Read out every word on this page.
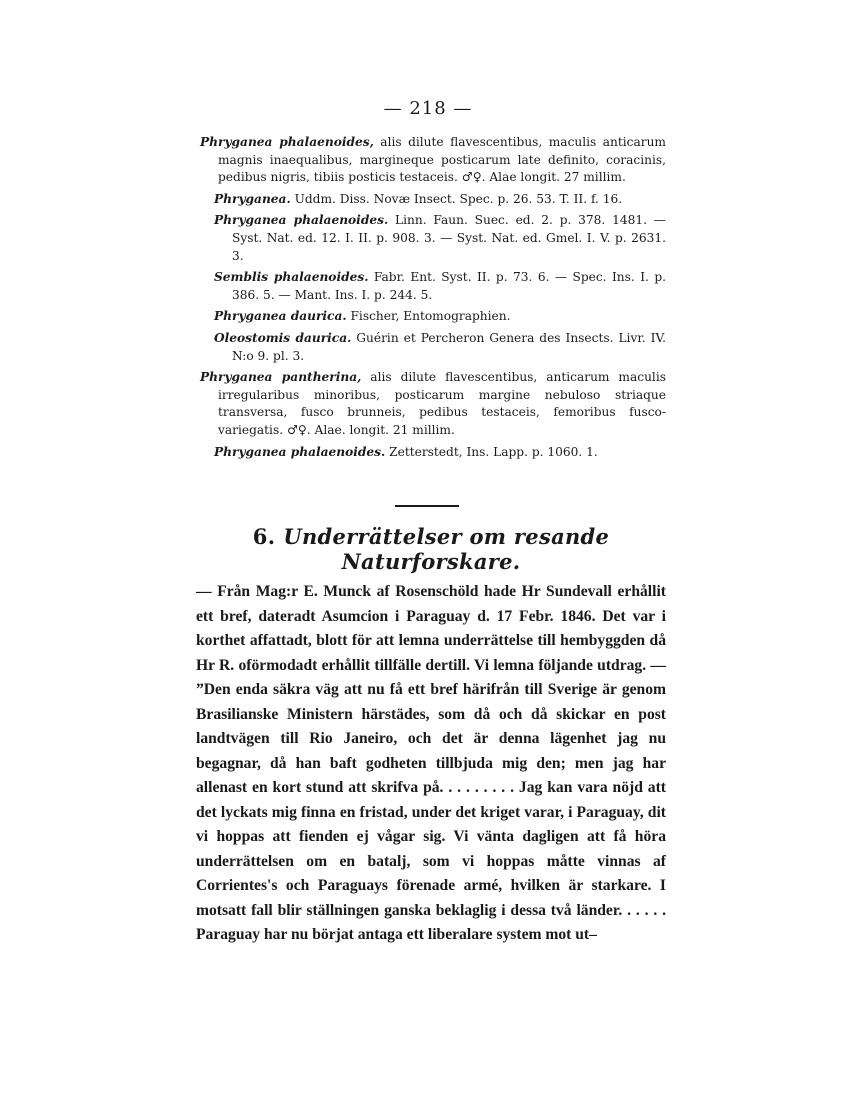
— 218 —

Phryganea phalaenoides, alis dilute flavescentibus, maculis anticarum magnis inaequalibus, margineque posticarum late definito, coracinis, pedibus nigris, tibiis posticis testaceis. ♂♀. Alae longit. 27 millim.

Phryganea. Uddm. Diss. Novæ Insect. Spec. p. 26. 53. T. II. f. 16.

Phryganea phalaenoides. Linn. Faun. Suec. ed. 2. p. 378. 1481. — Syst. Nat. ed. 12. I. II. p. 908. 3. — Syst. Nat. ed. Gmel. I. V. p. 2631. 3.

Semblis phalaenoides. Fabr. Ent. Syst. II. p. 73. 6. — Spec. Ins. I. p. 386. 5. — Mant. Ins. I. p. 244. 5.

Phryganea daurica. Fischer, Entomographien.

Oleostomis daurica. Guérin et Percheron Genera des Insects. Livr. IV. N:o 9. pl. 3.

Phryganea pantherina, alis dilute flavescentibus, anticarum maculis irregularibus minoribus, posticarum margine nebuloso striaque transversa, fusco brunneis, pedibus testaceis, femoribus fusco-variegatis. ♂♀. Alae. longit. 21 millim.

Phryganea phalaenoides. Zetterstedt, Ins. Lapp. p. 1060. 1.

6. Underrättelser om resande Naturforskare.

— Från Mag:r E. Munck af Rosenschöld hade Hr Sundevall erhållit ett bref, dateradt Asumcion i Paraguay d. 17 Febr. 1846. Det var i korthet affattadt, blott för att lemna underrättelse till hembyggden då Hr R. oförmodadt erhållit tillfälle dertill. Vi lemna följande utdrag. — ”Den enda säkra väg att nu få ett bref härifrån till Sverige är genom Brasilianske Ministern härstädes, som då och då skickar en post landtvägen till Rio Janeiro, och det är denna lägenhet jag nu begagnar, då han baft godheten tillbjuda mig den; men jag har allenast en kort stund att skrifva på. . . . . . . . . Jag kan vara nöjd att det lyckats mig finna en fristad, under det kriget varar, i Paraguay, dit vi hoppas att fienden ej vågar sig. Vi vänta dagligen att få höra underrättelsen om en batalj, som vi hoppas måtte vinnas af Corrientes's och Paraguays förenade armé, hvilken är starkare. I motsatt fall blir ställningen ganska beklaglig i dessa två länder. . . . . . Paraguay har nu börjat antaga ett liberalare system mot ut–
